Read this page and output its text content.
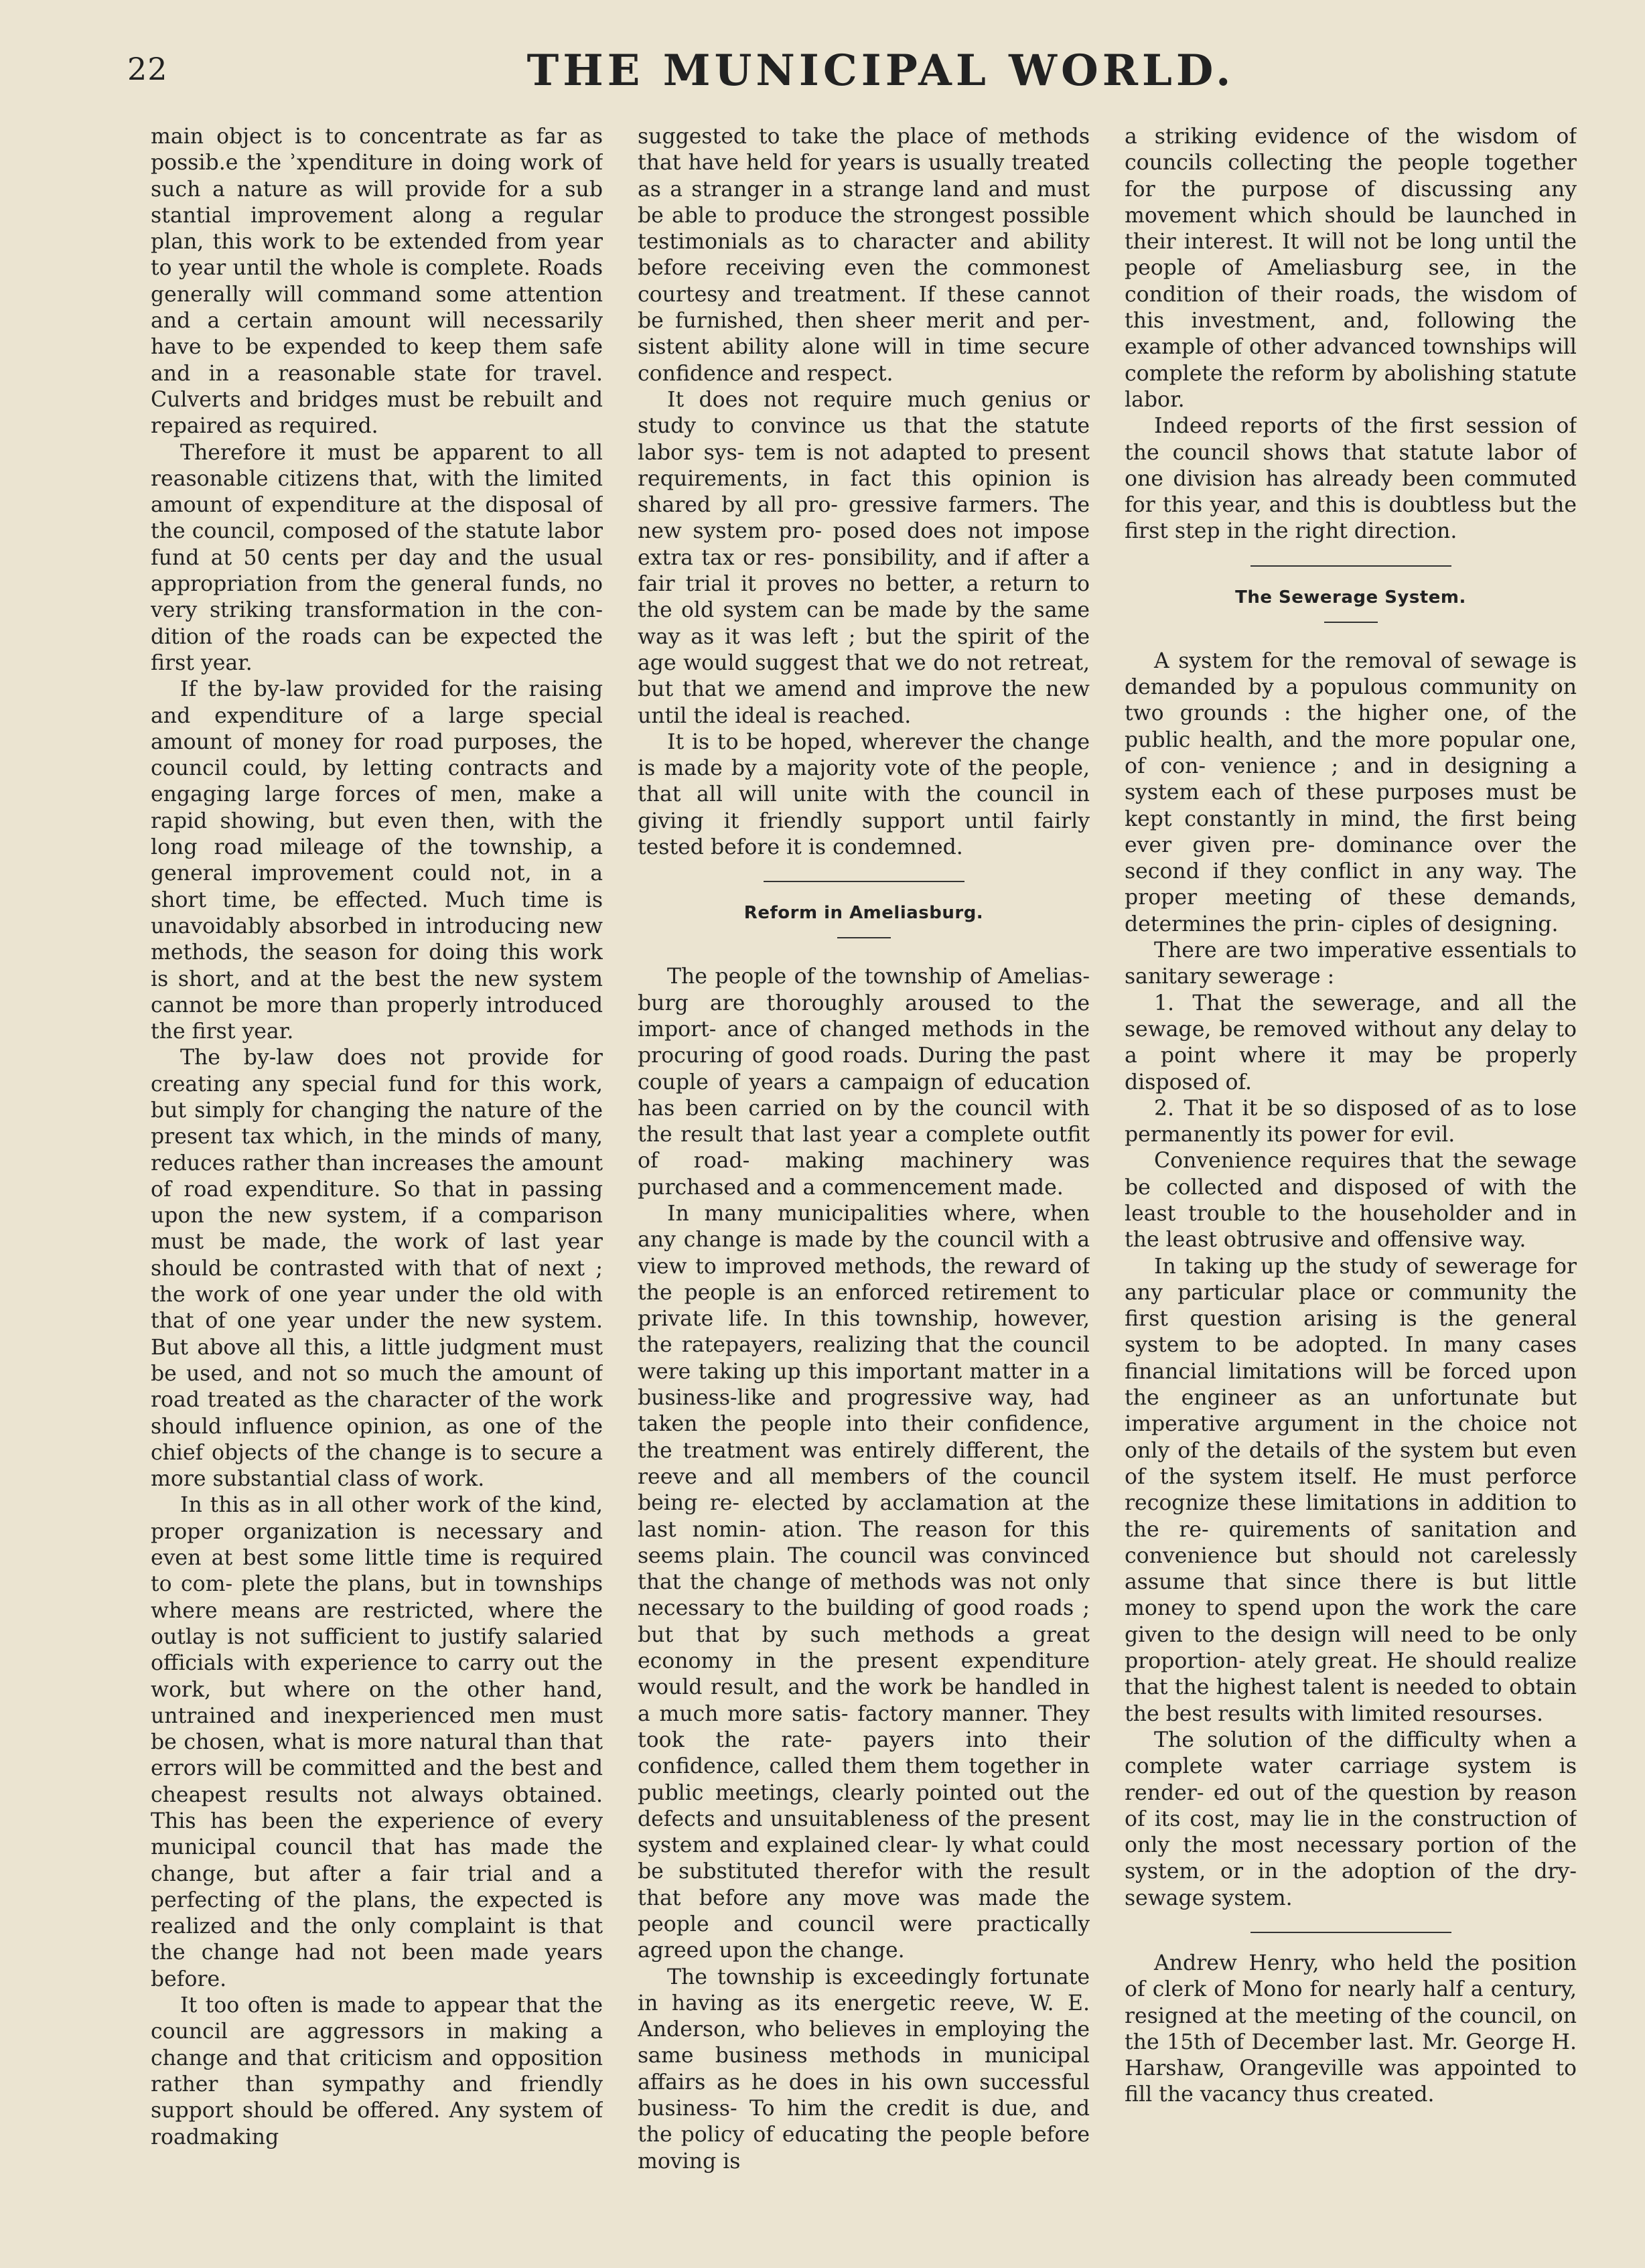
22	THE MUNICIPAL WORLD.

main object is to concentrate as far as possib.e the ʾxpenditure in doing work of such a nature as will provide for a sub stantial improvement along a regular plan, this work to be extended from year to year until the whole is complete. Roads generally will command some attention and a certain amount will necessarily have to be expended to keep them safe and in a reasonable state for travel. Culverts and bridges must be rebuilt and repaired as required.

Therefore it must be apparent to all reasonable citizens that, with the limited amount of expenditure at the disposal of the council, composed of the statute labor fund at 50 cents per day and the usual appropriation from the general funds, no very striking transformation in the con- dition of the roads can be expected the first year.

If the by-law provided for the raising and expenditure of a large special amount of money for road purposes, the council could, by letting contracts and engaging large forces of men, make a rapid showing, but even then, with the long road mileage of the township, a general improvement could not, in a short time, be effected. Much time is unavoidably absorbed in introducing new methods, the season for doing this work is short, and at the best the new system cannot be more than properly introduced the first year.

The by-law does not provide for creating any special fund for this work, but simply for changing the nature of the present tax which, in the minds of many, reduces rather than increases the amount of road expenditure. So that in passing upon the new system, if a comparison must be made, the work of last year should be contrasted with that of next ; the work of one year under the old with that of one year under the new system. But above all this, a little judgment must be used, and not so much the amount of road treated as the character of the work should influence opinion, as one of the chief objects of the change is to secure a more substantial class of work.

In this as in all other work of the kind, proper organization is necessary and even at best some little time is required to com- plete the plans, but in townships where means are restricted, where the outlay is not sufficient to justify salaried officials with experience to carry out the work, but where on the other hand, untrained and inexperienced men must be chosen, what is more natural than that errors will be committed and the best and cheapest results not always obtained. This has been the experience of every municipal council that has made the change, but after a fair trial and a perfecting of the plans, the expected is realized and the only complaint is that the change had not been made years before.

It too often is made to appear that the council are aggressors in making a change and that criticism and opposition rather than sympathy and friendly support should be offered. Any system of roadmaking

suggested to take the place of methods that have held for years is usually treated as a stranger in a strange land and must be able to produce the strongest possible testimonials as to character and ability before receiving even the commonest courtesy and treatment. If these cannot be furnished, then sheer merit and per- sistent ability alone will in time secure confidence and respect.

It does not require much genius or study to convince us that the statute labor sys- tem is not adapted to present requirements, in fact this opinion is shared by all pro- gressive farmers. The new system pro- posed does not impose extra tax or res- ponsibility, and if after a fair trial it proves no better, a return to the old system can be made by the same way as it was left ; but the spirit of the age would suggest that we do not retreat, but that we amend and improve the new until the ideal is reached.

It is to be hoped, wherever the change is made by a majority vote of the people, that all will unite with the council in giving it friendly support until fairly tested before it is condemned.

Reform in Ameliasburg.

The people of the township of Amelias- burg are thoroughly aroused to the import- ance of changed methods in the procuring of good roads. During the past couple of years a campaign of education has been carried on by the council with the result that last year a complete outfit of road- making machinery was purchased and a commencement made.

In many municipalities where, when any change is made by the council with a view to improved methods, the reward of the people is an enforced retirement to private life. In this township, however, the ratepayers, realizing that the council were taking up this important matter in a business-like and progressive way, had taken the people into their confidence, the treatment was entirely different, the reeve and all members of the council being re- elected by acclamation at the last nomin- ation. The reason for this seems plain. The council was convinced that the change of methods was not only necessary to the building of good roads ; but that by such methods a great economy in the present expenditure would result, and the work be handled in a much more satis- factory manner. They took the rate- payers into their confidence, called them them together in public meetings, clearly pointed out the defects and unsuitableness of the present system and explained clear- ly what could be substituted therefor with the result that before any move was made the people and council were practically agreed upon the change.

The township is exceedingly fortunate in having as its energetic reeve, W. E. Anderson, who believes in employing the same business methods in municipal affairs as he does in his own successful business- To him the credit is due, and the policy of educating the people before moving is

a striking evidence of the wisdom of councils collecting the people together for the purpose of discussing any movement which should be launched in their interest. It will not be long until the people of Ameliasburg see, in the condition of their roads, the wisdom of this investment, and, following the example of other advanced townships will complete the reform by abolishing statute labor.

Indeed reports of the first session of the council shows that statute labor of one division has already been commuted for this year, and this is doubtless but the first step in the right direction.

The Sewerage System.

A system for the removal of sewage is demanded by a populous community on two grounds : the higher one, of the public health, and the more popular one, of con- venience ; and in designing a system each of these purposes must be kept constantly in mind, the first being ever given pre- dominance over the second if they conflict in any way. The proper meeting of these demands, determines the prin- ciples of designing.

There are two imperative essentials to sanitary sewerage :

1. That the sewerage, and all the sewage, be removed without any delay to a point where it may be properly disposed of.

2. That it be so disposed of as to lose permanently its power for evil.

Convenience requires that the sewage be collected and disposed of with the least trouble to the householder and in the least obtrusive and offensive way.

In taking up the study of sewerage for any particular place or community the first question arising is the general system to be adopted. In many cases financial limitations will be forced upon the engineer as an unfortunate but imperative argument in the choice not only of the details of the system but even of the system itself. He must perforce recognize these limitations in addition to the re- quirements of sanitation and convenience but should not carelessly assume that since there is but little money to spend upon the work the care given to the design will need to be only proportion- ately great. He should realize that the highest talent is needed to obtain the best results with limited resourses.

The solution of the difficulty when a complete water carriage system is render- ed out of the question by reason of its cost, may lie in the construction of only the most necessary portion of the system, or in the adoption of the dry-sewage system.

Andrew Henry, who held the position of clerk of Mono for nearly half a century, resigned at the meeting of the council, on the 15th of December last. Mr. George H. Harshaw, Orangeville was appointed to fill the vacancy thus created.
